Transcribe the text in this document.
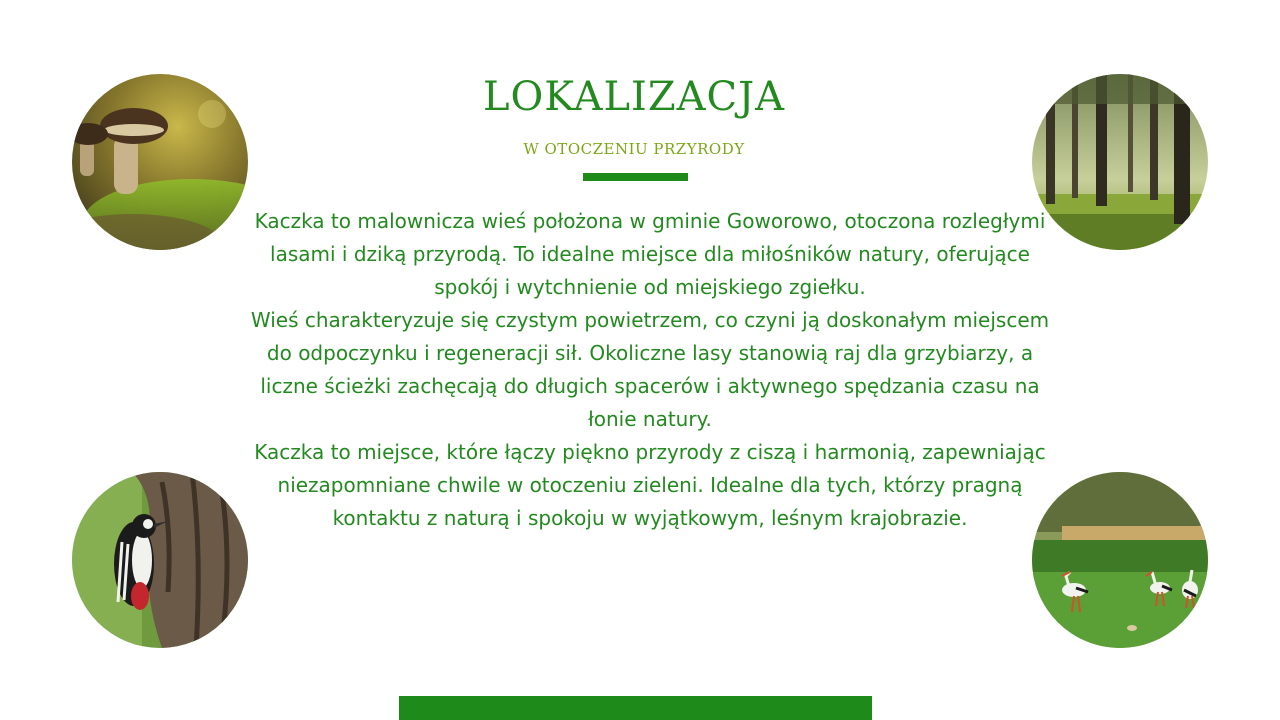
LOKALIZACJA
W OTOCZENIU PRZYRODY

Kaczka to malownicza wieś położona w gminie Goworowo, otoczona rozległymi lasami i dziką przyrodą. To idealne miejsce dla miłośników natury, oferujące spokój i wytchnienie od miejskiego zgiełku.

Wieś charakteryzuje się czystym powietrzem, co czyni ją doskonałym miejscem do odpoczynku i regeneracji sił. Okoliczne lasy stanowią raj dla grzybiarzy, a liczne ścieżki zachęcają do długich spacerów i aktywnego spędzania czasu na łonie natury.

Kaczka to miejsce, które łączy piękno przyrody z ciszą i harmonią, zapewniając niezapomniane chwile w otoczeniu zieleni. Idealne dla tych, którzy pragną kontaktu z naturą i spokoju w wyjątkowym, leśnym krajobrazie.
